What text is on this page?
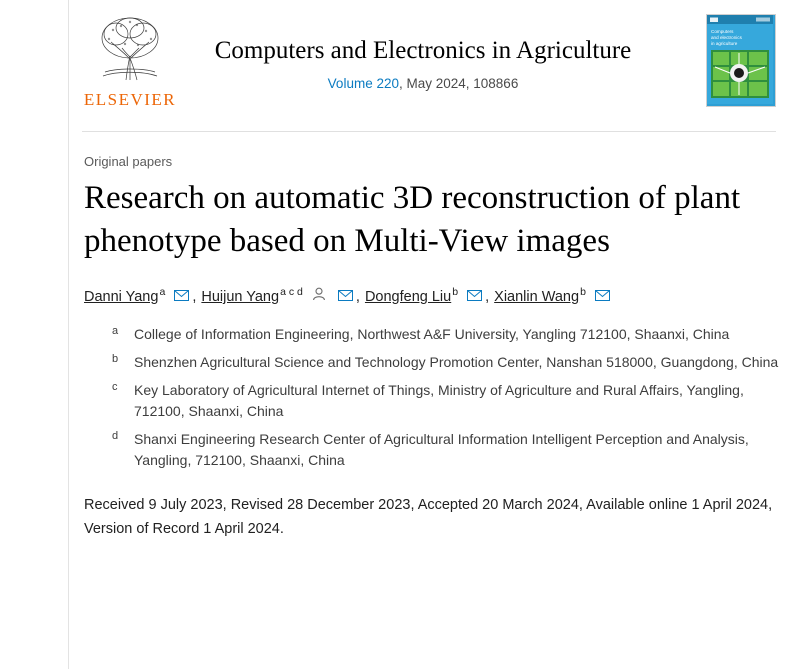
ELSEVIER
Computers and Electronics in Agriculture
Volume 220, May 2024, 108866
Computers
and electronics
in agriculture
Original papers
Research on automatic 3D reconstruction of plant phenotype based on Multi-View images
Danni Yang$^a$ , Huijun Yang$^{a c d}$	, Dongfeng Liu$^b$ , Xianlin Wang$^b$
a	College of Information Engineering, Northwest A&F University, Yangling 712100, Shaanxi, China
b	Shenzhen Agricultural Science and Technology Promotion Center, Nanshan 518000, Guangdong, China
c	Key Laboratory of Agricultural Internet of Things, Ministry of Agriculture and Rural Affairs, Yangling, 712100, Shaanxi, China
d	Shanxi Engineering Research Center of Agricultural Information Intelligent Perception and Analysis, Yangling, 712100, Shaanxi, China
Received 9 July 2023, Revised 28 December 2023, Accepted 20 March 2024, Available online 1 April 2024, Version of Record 1 April 2024.
